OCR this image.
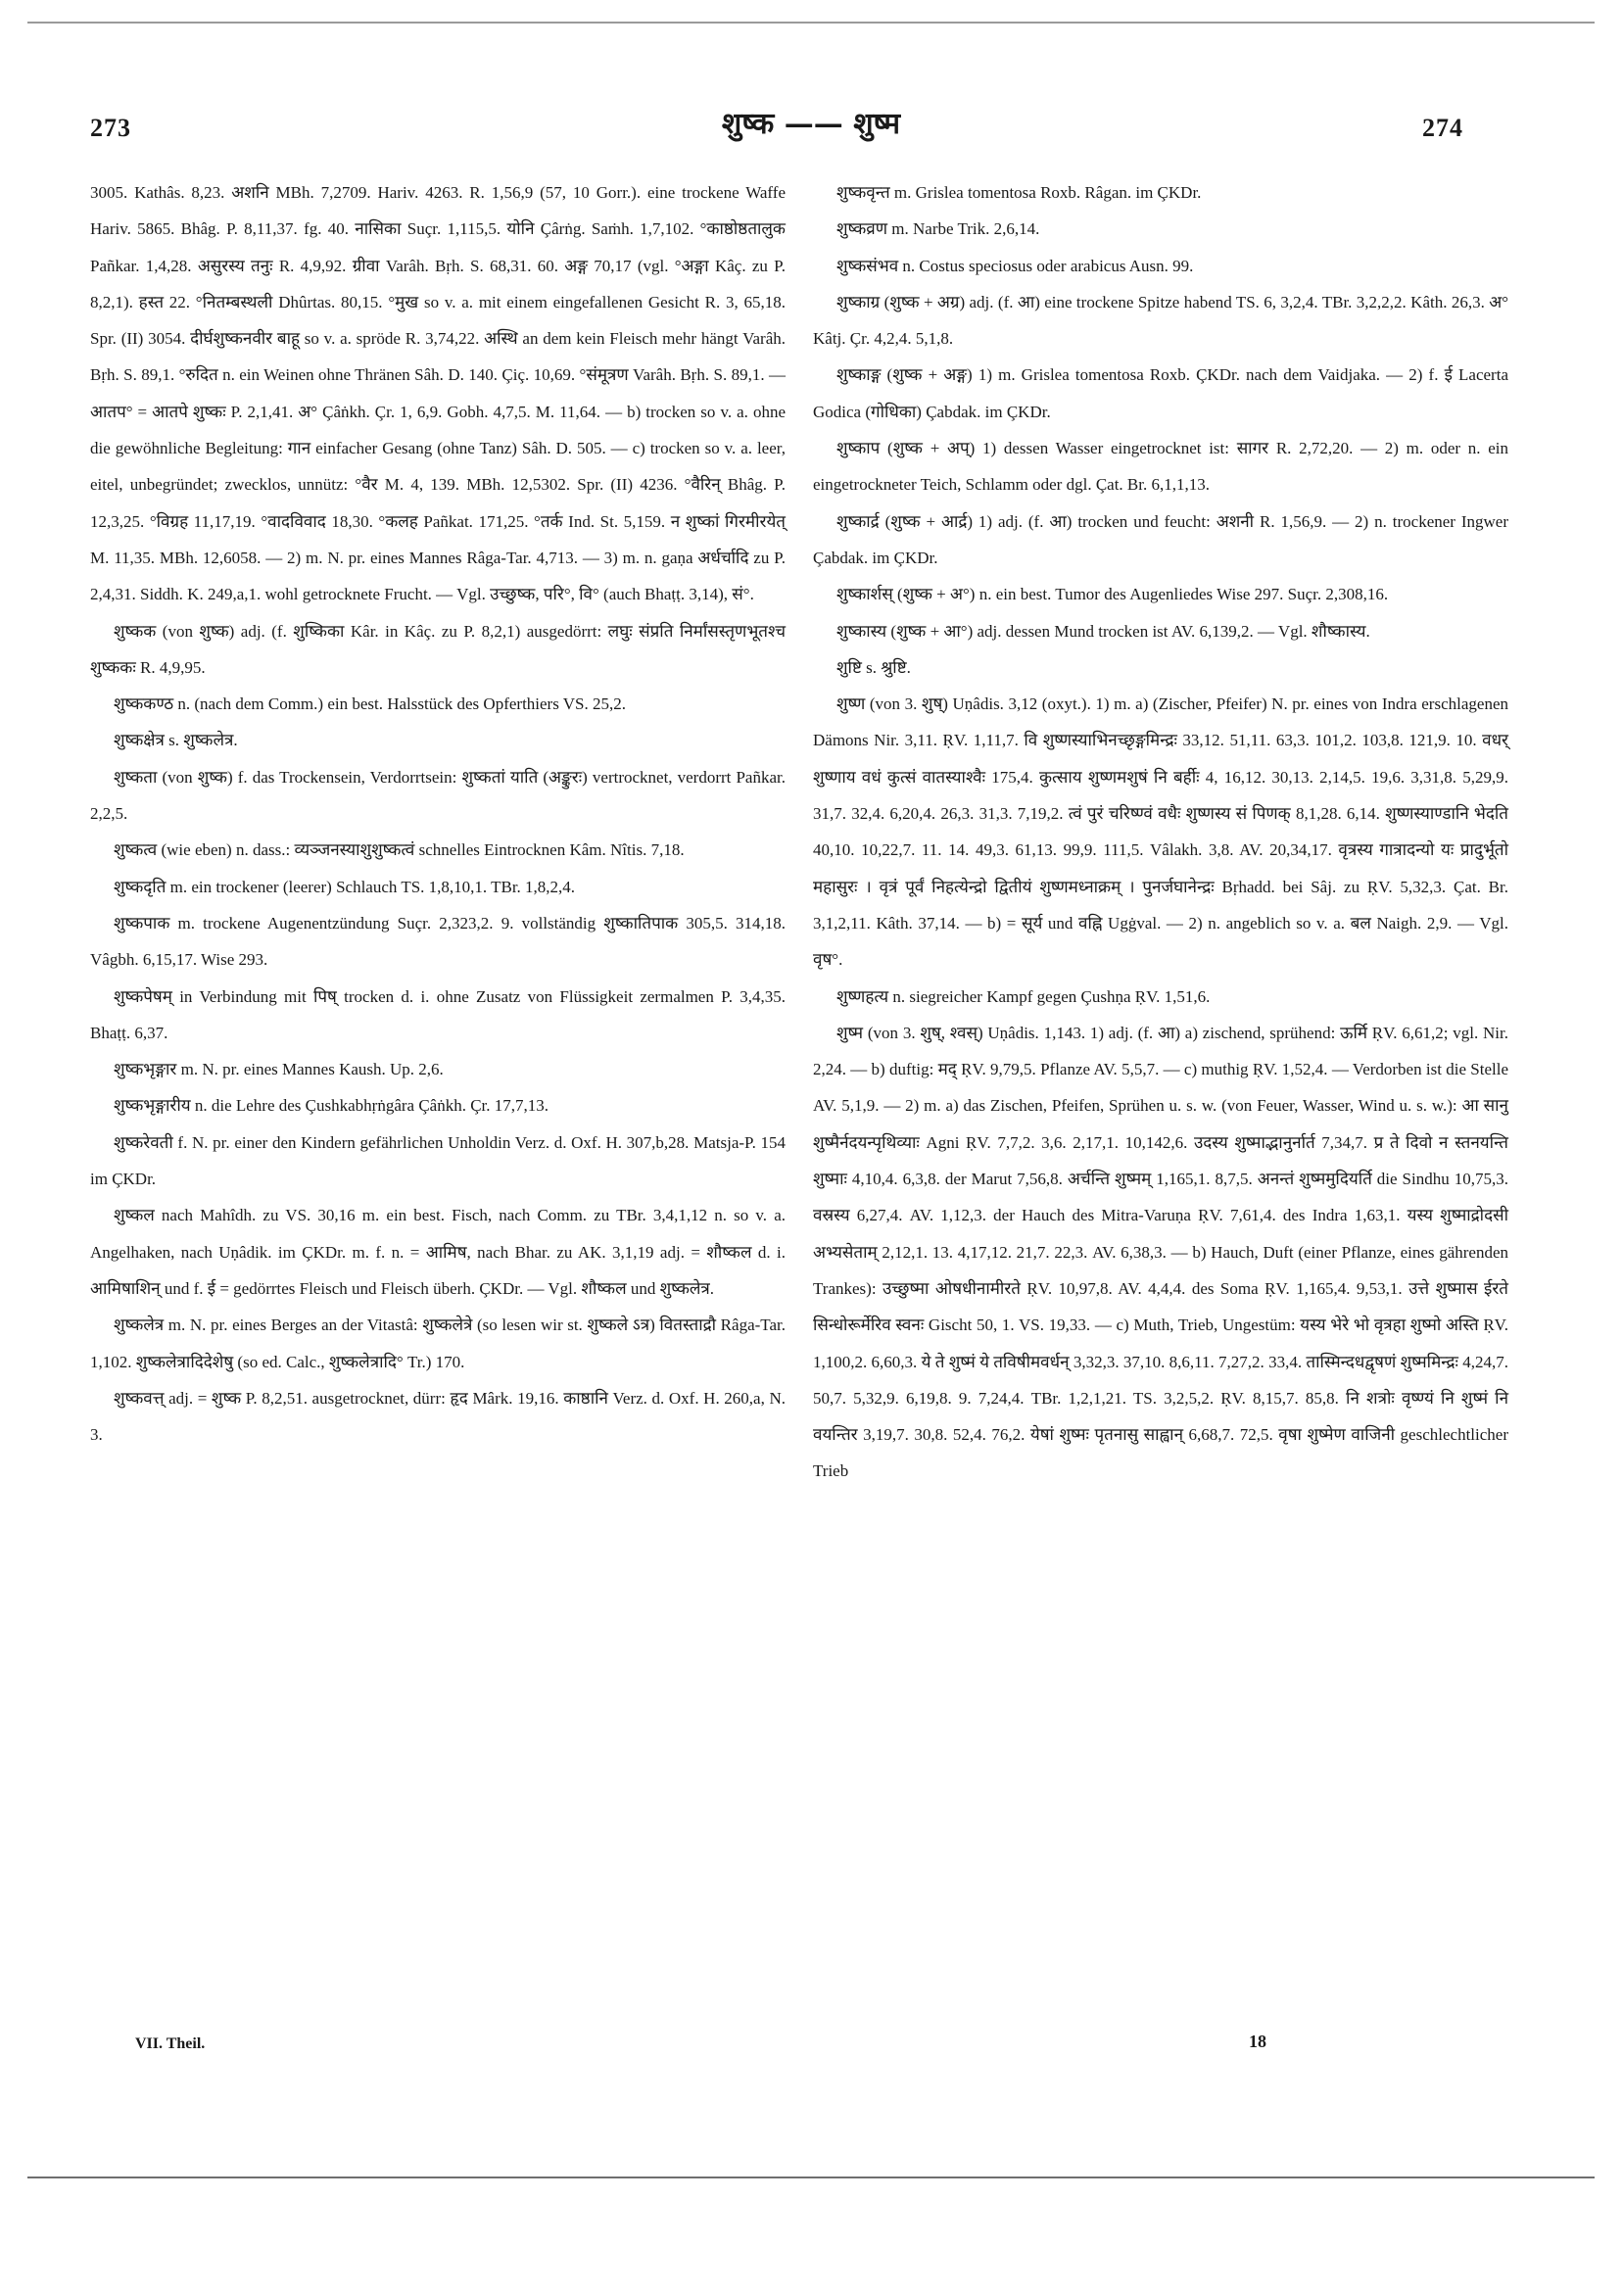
273	शुष्क —— शुष्म	274

3005. Kathâs. 8,23. अशनि MBh. 7,2709. Hariv. 4263. R. 1,56,9 (57, 10 Gorr.). eine trockene Waffe Hariv. 5865. Bhâg. P. 8,11,37. fg. 40. नासिका Suçr. 1,115,5. योनि Çârṅg. Saṁh. 1,7,102. °काष्ठोष्ठतालुक Pañkar. 1,4,28. असुरस्य तनुः R. 4,9,92. ग्रीवा Varâh. Bṛh. S. 68,31. 60. अङ्ग 70,17 (vgl. °अङ्गा Kâç. zu P. 8,2,1). हस्त 22. °नितम्बस्थली Dhûrtas. 80,15. °मुख so v. a. mit einem eingefallenen Gesicht R. 3, 65,18. Spr. (II) 3054. दीर्घशुष्कनवीर बाहू so v. a. spröde R. 3,74,22. अस्थि an dem kein Fleisch mehr hängt Varâh. Bṛh. S. 89,1. °रुदित n. ein Weinen ohne Thränen Sâh. D. 140. Çiç. 10,69. °संमूत्रण Varâh. Bṛh. S. 89,1. — आतप° = आतपे शुष्कः P. 2,1,41. अ° Çâṅkh. Çr. 1, 6,9. Gobh. 4,7,5. M. 11,64. — b) trocken so v. a. ohne die gewöhnliche Begleitung: गान einfacher Gesang (ohne Tanz) Sâh. D. 505. — c) trocken so v. a. leer, eitel, unbegründet; zwecklos, unnütz: °वैर M. 4, 139. MBh. 12,5302. Spr. (II) 4236. °वैरिन् Bhâg. P. 12,3,25. °विग्रह 11,17,19. °वादविवाद 18,30. °कलह Pañkat. 171,25. °तर्क Ind. St. 5,159. न शुष्कां गिरमीरयेत् M. 11,35. MBh. 12,6058. — 2) m. N. pr. eines Mannes Râga-Tar. 4,713. — 3) m. n. gaṇa अर्धर्चादि zu P. 2,4,31. Siddh. K. 249,a,1. wohl getrocknete Frucht. — Vgl. उच्छुष्क, परि°, वि° (auch Bhaṭṭ. 3,14), सं°.

शुष्कक (von शुष्क) adj. (f. शुष्किका Kâr. in Kâç. zu P. 8,2,1) ausgedörrt: लघुः संप्रति निर्मांसस्तृणभूतश्च शुष्ककः R. 4,9,95.

शुष्ककण्ठ n. (nach dem Comm.) ein best. Halsstück des Opferthiers VS. 25,2.

शुष्कक्षेत्र s. शुष्कलेत्र.

शुष्कता (von शुष्क) f. das Trockensein, Verdorrtsein: शुष्कतां याति (अङ्कुरः) vertrocknet, verdorrt Pañkar. 2,2,5.

शुष्कत्व (wie eben) n. dass.: व्यञ्जनस्याशुशुष्कत्वं schnelles Eintrocknen Kâm. Nîtis. 7,18.

शुष्कदृति m. ein trockener (leerer) Schlauch TS. 1,8,10,1. TBr. 1,8,2,4.

शुष्कपाक m. trockene Augenentzündung Suçr. 2,323,2. 9. vollständig शुष्कातिपाक 305,5. 314,18. Vâgbh. 6,15,17. Wise 293.

शुष्कपेषम् in Verbindung mit पिष् trocken d. i. ohne Zusatz von Flüssigkeit zermalmen P. 3,4,35. Bhaṭṭ. 6,37.

शुष्कभृङ्गार m. N. pr. eines Mannes Kaush. Up. 2,6.

शुष्कभृङ्गारीय n. die Lehre des Çushkabhṛṅgâra Çâṅkh. Çr. 17,7,13.

शुष्करेवती f. N. pr. einer den Kindern gefährlichen Unholdin Verz. d. Oxf. H. 307,b,28. Matsja-P. 154 im ÇKDr.

शुष्कल nach Mahîdh. zu VS. 30,16 m. ein best. Fisch, nach Comm. zu TBr. 3,4,1,12 n. so v. a. Angelhaken, nach Uṇâdik. im ÇKDr. m. f. n. = आमिष, nach Bhar. zu AK. 3,1,19 adj. = शौष्कल d. i. आमिषाशिन् und f. ई = gedörrtes Fleisch und Fleisch überh. ÇKDr. — Vgl. शौष्कल und शुष्कलेत्र.

शुष्कलेत्र m. N. pr. eines Berges an der Vitastâ: शुष्कलेत्रे (so lesen wir st. शुष्कले ऽत्र) वितस्ताद्रौ Râga-Tar. 1,102. शुष्कलेत्रादिदेशेषु (so ed. Calc., शुष्कलेत्रादि° Tr.) 170.

शुष्कवत्त् adj. = शुष्क P. 8,2,51. ausgetrocknet, dürr: हृद Mârk. 19,16. काष्ठानि Verz. d. Oxf. H. 260,a, N. 3.

शुष्कवृन्त m. Grislea tomentosa Roxb. Râgan. im ÇKDr.

शुष्कव्रण m. Narbe Trik. 2,6,14.

शुष्कसंभव n. Costus speciosus oder arabicus Ausn. 99.

शुष्काग्र (शुष्क + अग्र) adj. (f. आ) eine trockene Spitze habend TS. 6, 3,2,4. TBr. 3,2,2,2. Kâth. 26,3. अ° Kâtj. Çr. 4,2,4. 5,1,8.

शुष्काङ्ग (शुष्क + अङ्ग) 1) m. Grislea tomentosa Roxb. ÇKDr. nach dem Vaidjaka. — 2) f. ई Lacerta Godica (गोधिका) Çabdak. im ÇKDr.

शुष्काप (शुष्क + अप्) 1) dessen Wasser eingetrocknet ist: सागर R. 2,72,20. — 2) m. oder n. ein eingetrockneter Teich, Schlamm oder dgl. Çat. Br. 6,1,1,13.

शुष्कार्द्र (शुष्क + आर्द्र) 1) adj. (f. आ) trocken und feucht: अशनी R. 1,56,9. — 2) n. trockener Ingwer Çabdak. im ÇKDr.

शुष्कार्शस् (शुष्क + अ°) n. ein best. Tumor des Augenliedes Wise 297. Suçr. 2,308,16.

शुष्कास्य (शुष्क + आ°) adj. dessen Mund trocken ist AV. 6,139,2. — Vgl. शौष्कास्य.

शुष्टि s. श्रुष्टि.

शुष्ण (von 3. शुष्) Uṇâdis. 3,12 (oxyt.). 1) m. a) (Zischer, Pfeifer) N. pr. eines von Indra erschlagenen Dämons Nir. 3,11. ṚV. 1,11,7. वि शुष्णस्याभिनच्छृङ्गमिन्द्रः 33,12. 51,11. 63,3. 101,2. 103,8. 121,9. 10. वधर् शुष्णाय वधं कुत्सं वातस्याश्वैः 175,4. कुत्साय शुष्णमशुषं नि बर्हीः 4, 16,12. 30,13. 2,14,5. 19,6. 3,31,8. 5,29,9. 31,7. 32,4. 6,20,4. 26,3. 31,3. 7,19,2. त्वं पुरं चरिष्ण्वं वधैः शुष्णस्य सं पिणक् 8,1,28. 6,14. शुष्णस्याण्डानि भेदति 40,10. 10,22,7. 11. 14. 49,3. 61,13. 99,9. 111,5. Vâlakh. 3,8. AV. 20,34,17. वृत्रस्य गात्रादन्यो यः प्रादुर्भूतो महासुरः । वृत्रं पूर्वं निहत्येन्द्रो द्वितीयं शुष्णमध्नाक्रम् । पुनर्जघानेन्द्रः Bṛhadd. bei Sâj. zu ṚV. 5,32,3. Çat. Br. 3,1,2,11. Kâth. 37,14. — b) = सूर्य und वह्नि Ugġval. — 2) n. angeblich so v. a. बल Naigh. 2,9. — Vgl. वृष°.

शुष्णहत्य n. siegreicher Kampf gegen Çushṇa ṚV. 1,51,6.

शुष्म (von 3. शुष्, श्वस्) Uṇâdis. 1,143. 1) adj. (f. आ) a) zischend, sprühend: ऊर्मि ṚV. 6,61,2; vgl. Nir. 2,24. — b) duftig: मद् ṚV. 9,79,5. Pflanze AV. 5,5,7. — c) muthig ṚV. 1,52,4. — Verdorben ist die Stelle AV. 5,1,9. — 2) m. a) das Zischen, Pfeifen, Sprühen u. s. w. (von Feuer, Wasser, Wind u. s. w.): आ सानु शुष्मैर्नदयन्पृथिव्याः Agni ṚV. 7,7,2. 3,6. 2,17,1. 10,142,6. उदस्य शुष्माद्भानुर्नार्त 7,34,7. प्र ते दिवो न स्तनयन्ति शुष्माः 4,10,4. 6,3,8. der Marut 7,56,8. अर्चन्ति शुष्मम् 1,165,1. 8,7,5. अनन्तं शुष्ममुदियर्ति die Sindhu 10,75,3. वस्रस्य 6,27,4. AV. 1,12,3. der Hauch des Mitra-Varuṇa ṚV. 7,61,4. des Indra 1,63,1. यस्य शुष्माद्रोदसी अभ्यसेताम् 2,12,1. 13. 4,17,12. 21,7. 22,3. AV. 6,38,3. — b) Hauch, Duft (einer Pflanze, eines gährenden Trankes): उच्छुष्मा ओषधीनामीरते ṚV. 10,97,8. AV. 4,4,4. des Soma ṚV. 1,165,4. 9,53,1. उत्ते शुष्मास ईरते सिन्धोरूर्मेरिव स्वनः Gischt 50, 1. VS. 19,33. — c) Muth, Trieb, Ungestüm: यस्य भेरे भो वृत्रहा शुष्मो अस्ति ṚV. 1,100,2. 6,60,3. ये ते शुष्मं ये तविषीमवर्धन् 3,32,3. 37,10. 8,6,11. 7,27,2. 33,4. तास्मिन्दधद्वृषणं शुष्ममिन्द्रः 4,24,7. 50,7. 5,32,9. 6,19,8. 9. 7,24,4. TBr. 1,2,1,21. TS. 3,2,5,2. ṚV. 8,15,7. 85,8. नि शत्रोः वृष्ण्यं नि शुष्मं नि वयन्तिर 3,19,7. 30,8. 52,4. 76,2. येषां शुष्मः पृतनासु साह्वान् 6,68,7. 72,5. वृषा शुष्मेण वाजिनी geschlechtlicher Trieb

VII. Theil.	18
